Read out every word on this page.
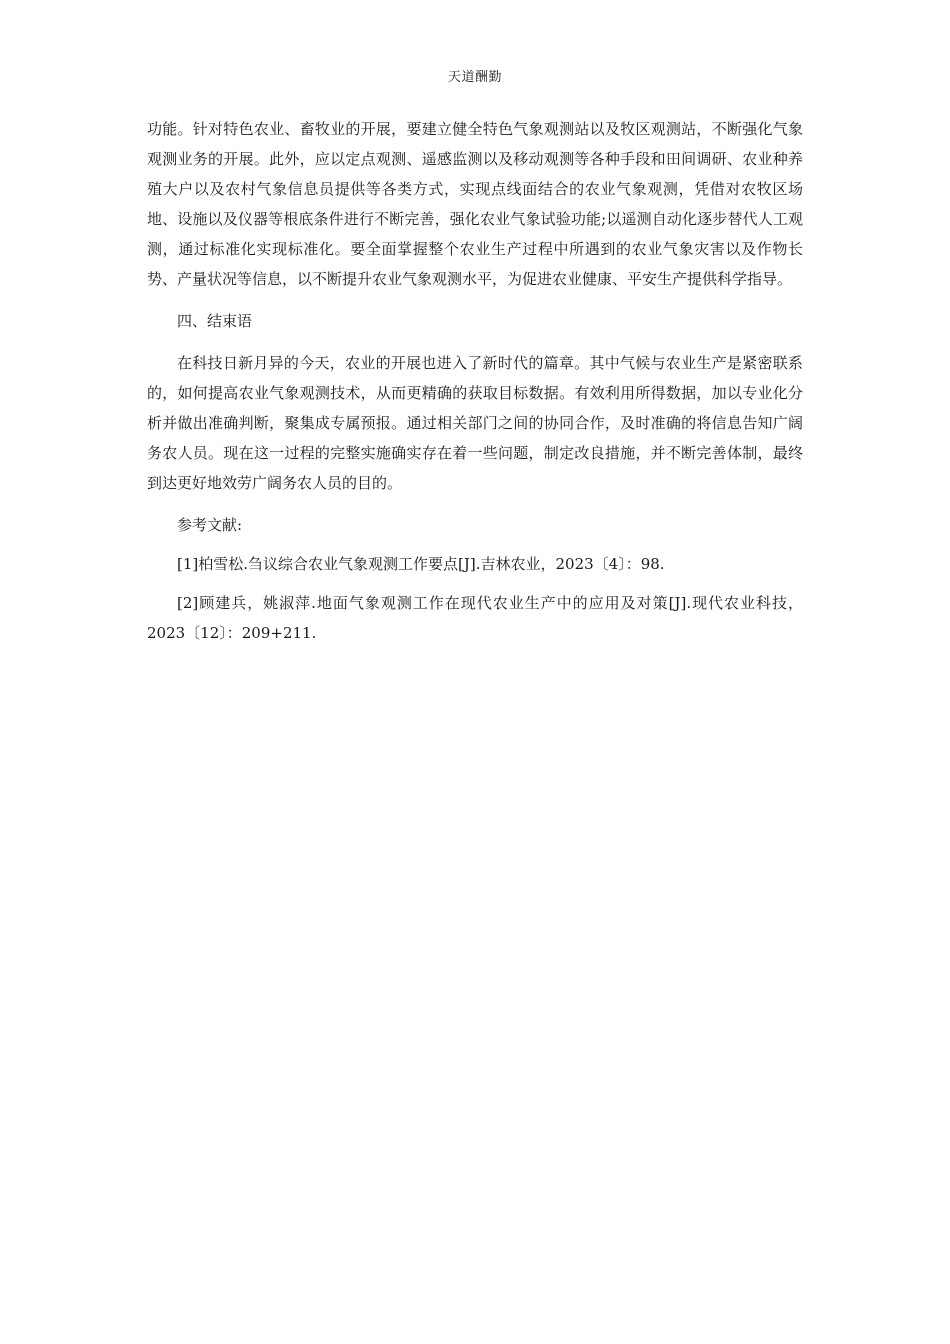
天道酬勤

功能。针对特色农业、畜牧业的开展，要建立健全特色气象观测站以及牧区观测站，不断强化气象观测业务的开展。此外，应以定点观测、遥感监测以及移动观测等各种手段和田间调研、农业种养殖大户以及农村气象信息员提供等各类方式，实现点线面结合的农业气象观测，凭借对农牧区场地、设施以及仪器等根底条件进行不断完善，强化农业气象试验功能;以遥测自动化逐步替代人工观测，通过标准化实现标准化。要全面掌握整个农业生产过程中所遇到的农业气象灾害以及作物长势、产量状况等信息，以不断提升农业气象观测水平，为促进农业健康、平安生产提供科学指导。

四、结束语

在科技日新月异的今天，农业的开展也进入了新时代的篇章。其中气候与农业生产是紧密联系的，如何提高农业气象观测技术，从而更精确的获取目标数据。有效利用所得数据，加以专业化分析并做出准确判断，聚集成专属预报。通过相关部门之间的协同合作，及时准确的将信息告知广阔务农人员。现在这一过程的完整实施确实存在着一些问题，制定改良措施，并不断完善体制，最终到达更好地效劳广阔务农人员的目的。

参考文献:

[1]柏雪松.刍议综合农业气象观测工作要点[J].吉林农业，2023〔4〕：98.

[2]顾建兵，姚淑萍.地面气象观测工作在现代农业生产中的应用及对策[J].现代农业科技，2023〔12〕：209+211.
